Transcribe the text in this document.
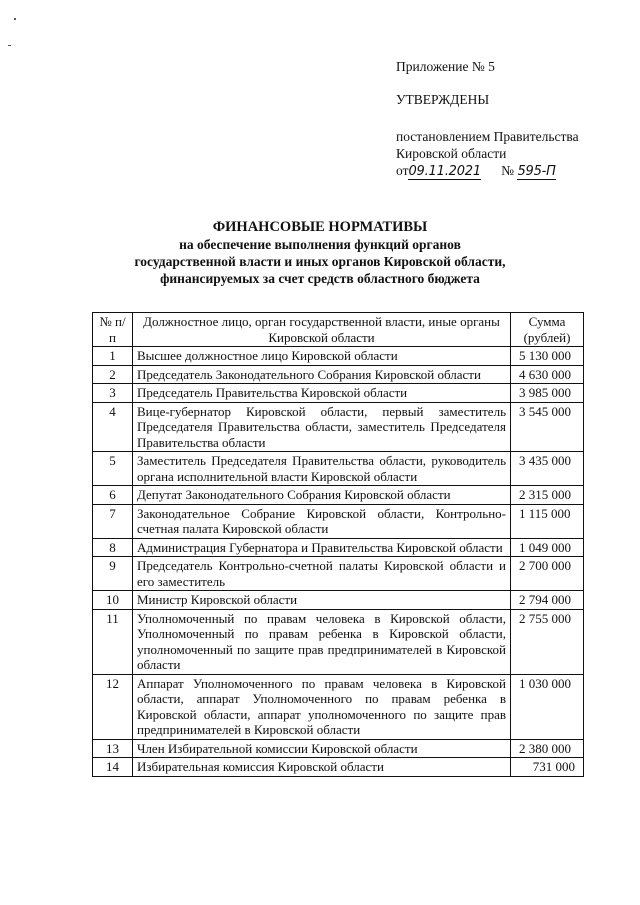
Приложение № 5
УТВЕРЖДЕНЫ
постановлением Правительства
Кировской области
от09.11.2021 № 595-П
ФИНАНСОВЫЕ НОРМАТИВЫ
на обеспечение выполнения функций органов
государственной власти и иных органов Кировской области,
финансируемых за счет средств областного бюджета
№ п/п	Должностное лицо, орган государственной власти, иные органы Кировской области	Сумма (рублей)
1	Высшее должностное лицо Кировской области	5 130 000
2	Председатель Законодательного Собрания Кировской области	4 630 000
3	Председатель Правительства Кировской области	3 985 000
4	Вице-губернатор Кировской области, первый заместитель Председателя Правительства области, заместитель Председателя Правительства области	3 545 000
5	Заместитель Председателя Правительства области, руководитель органа исполнительной власти Кировской области	3 435 000
6	Депутат Законодательного Собрания Кировской области	2 315 000
7	Законодательное Собрание Кировской области, Контрольно-счетная палата Кировской области	1 115 000
8	Администрация Губернатора и Правительства Кировской области	1 049 000
9	Председатель Контрольно-счетной палаты Кировской области и его заместитель	2 700 000
10	Министр Кировской области	2 794 000
11	Уполномоченный по правам человека в Кировской области, Уполномоченный по правам ребенка в Кировской области, уполномоченный по защите прав предпринимателей в Кировской области	2 755 000
12	Аппарат Уполномоченного по правам человека в Кировской области, аппарат Уполномоченного по правам ребенка в Кировской области, аппарат уполномоченного по защите прав предпринимателей в Кировской области	1 030 000
13	Член Избирательной комиссии Кировской области	2 380 000
14	Избирательная комиссия Кировской области	731 000
